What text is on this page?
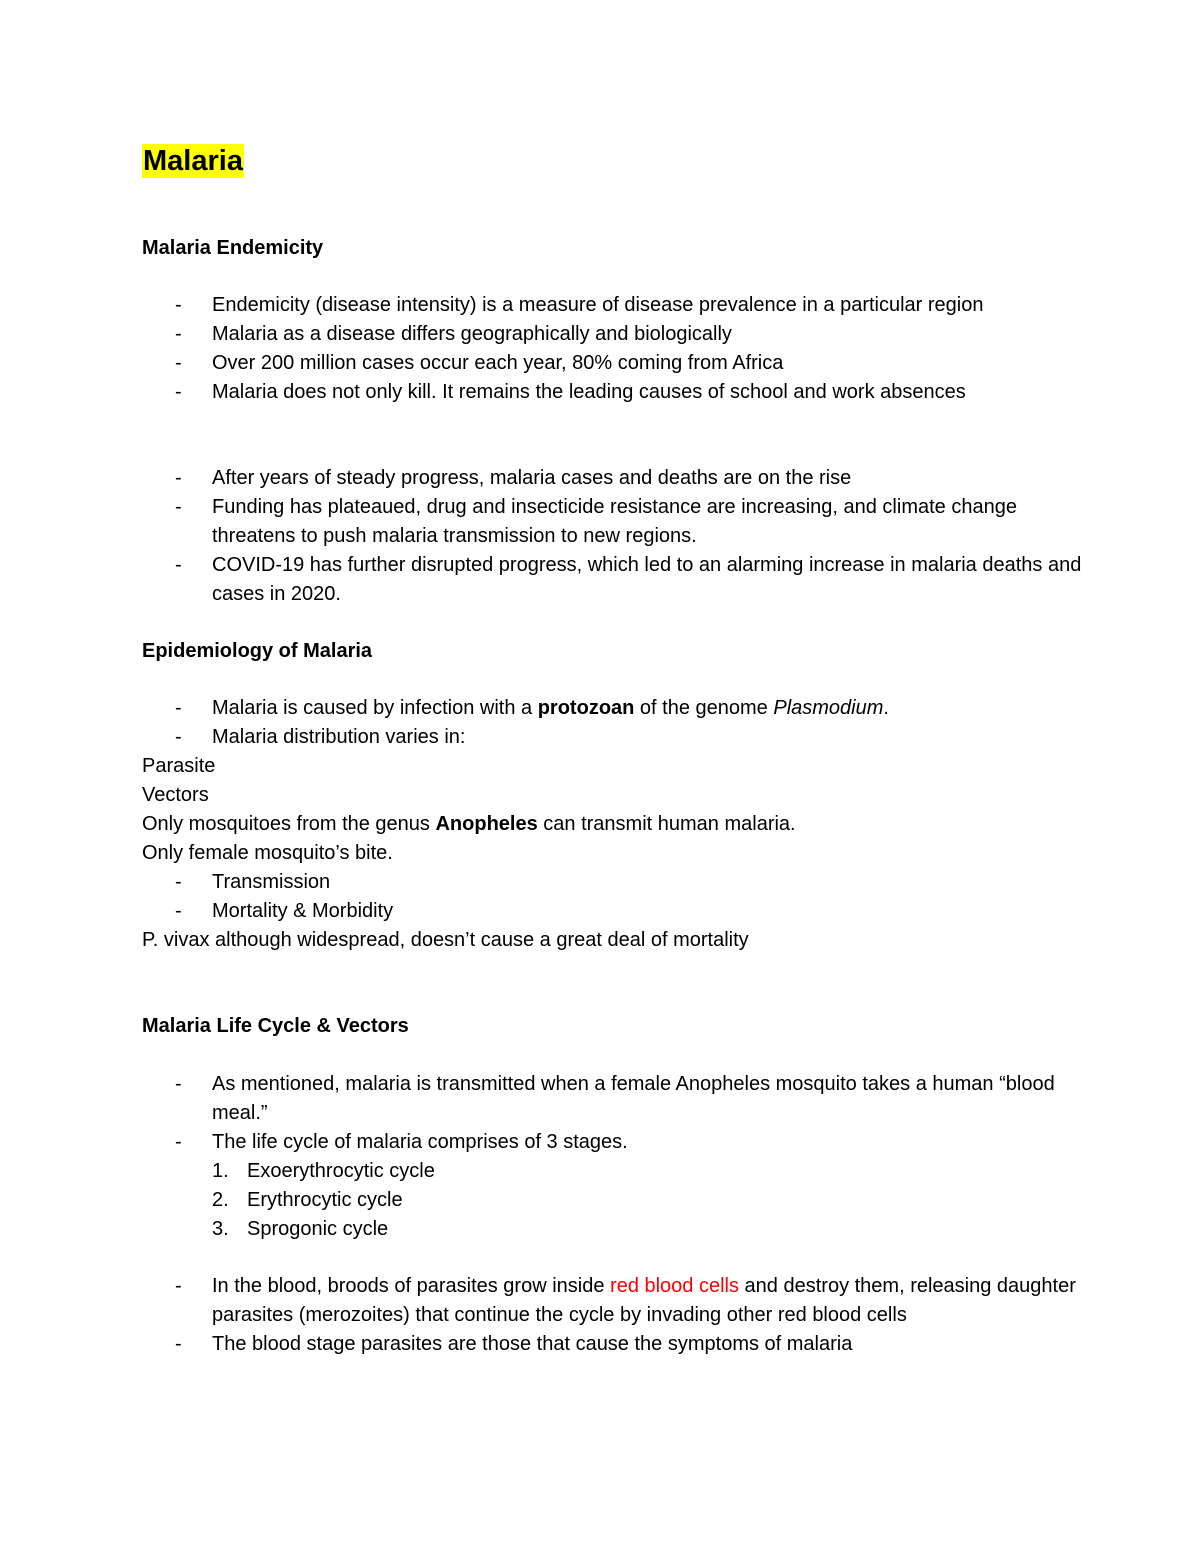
Malaria

Malaria Endemicity

- Endemicity (disease intensity) is a measure of disease prevalence in a particular region
- Malaria as a disease differs geographically and biologically
- Over 200 million cases occur each year, 80% coming from Africa
- Malaria does not only kill. It remains the leading causes of school and work absences
- After years of steady progress, malaria cases and deaths are on the rise
- Funding has plateaued, drug and insecticide resistance are increasing, and climate change threatens to push malaria transmission to new regions.
- COVID-19 has further disrupted progress, which led to an alarming increase in malaria deaths and cases in 2020.

Epidemiology of Malaria

- Malaria is caused by infection with a protozoan of the genome Plasmodium.
- Malaria distribution varies in:

Parasite

Vectors

Only mosquitoes from the genus Anopheles can transmit human malaria.

Only female mosquito’s bite.

- Transmission
- Mortality & Morbidity

P. vivax although widespread, doesn’t cause a great deal of mortality

Malaria Life Cycle & Vectors

- As mentioned, malaria is transmitted when a female Anopheles mosquito takes a human “blood meal.”
- The life cycle of malaria comprises of 3 stages.
1. Exoerythrocytic cycle
2. Erythrocytic cycle
3. Sprogonic cycle
- In the blood, broods of parasites grow inside red blood cells and destroy them, releasing daughter parasites (merozoites) that continue the cycle by invading other red blood cells
- The blood stage parasites are those that cause the symptoms of malaria
